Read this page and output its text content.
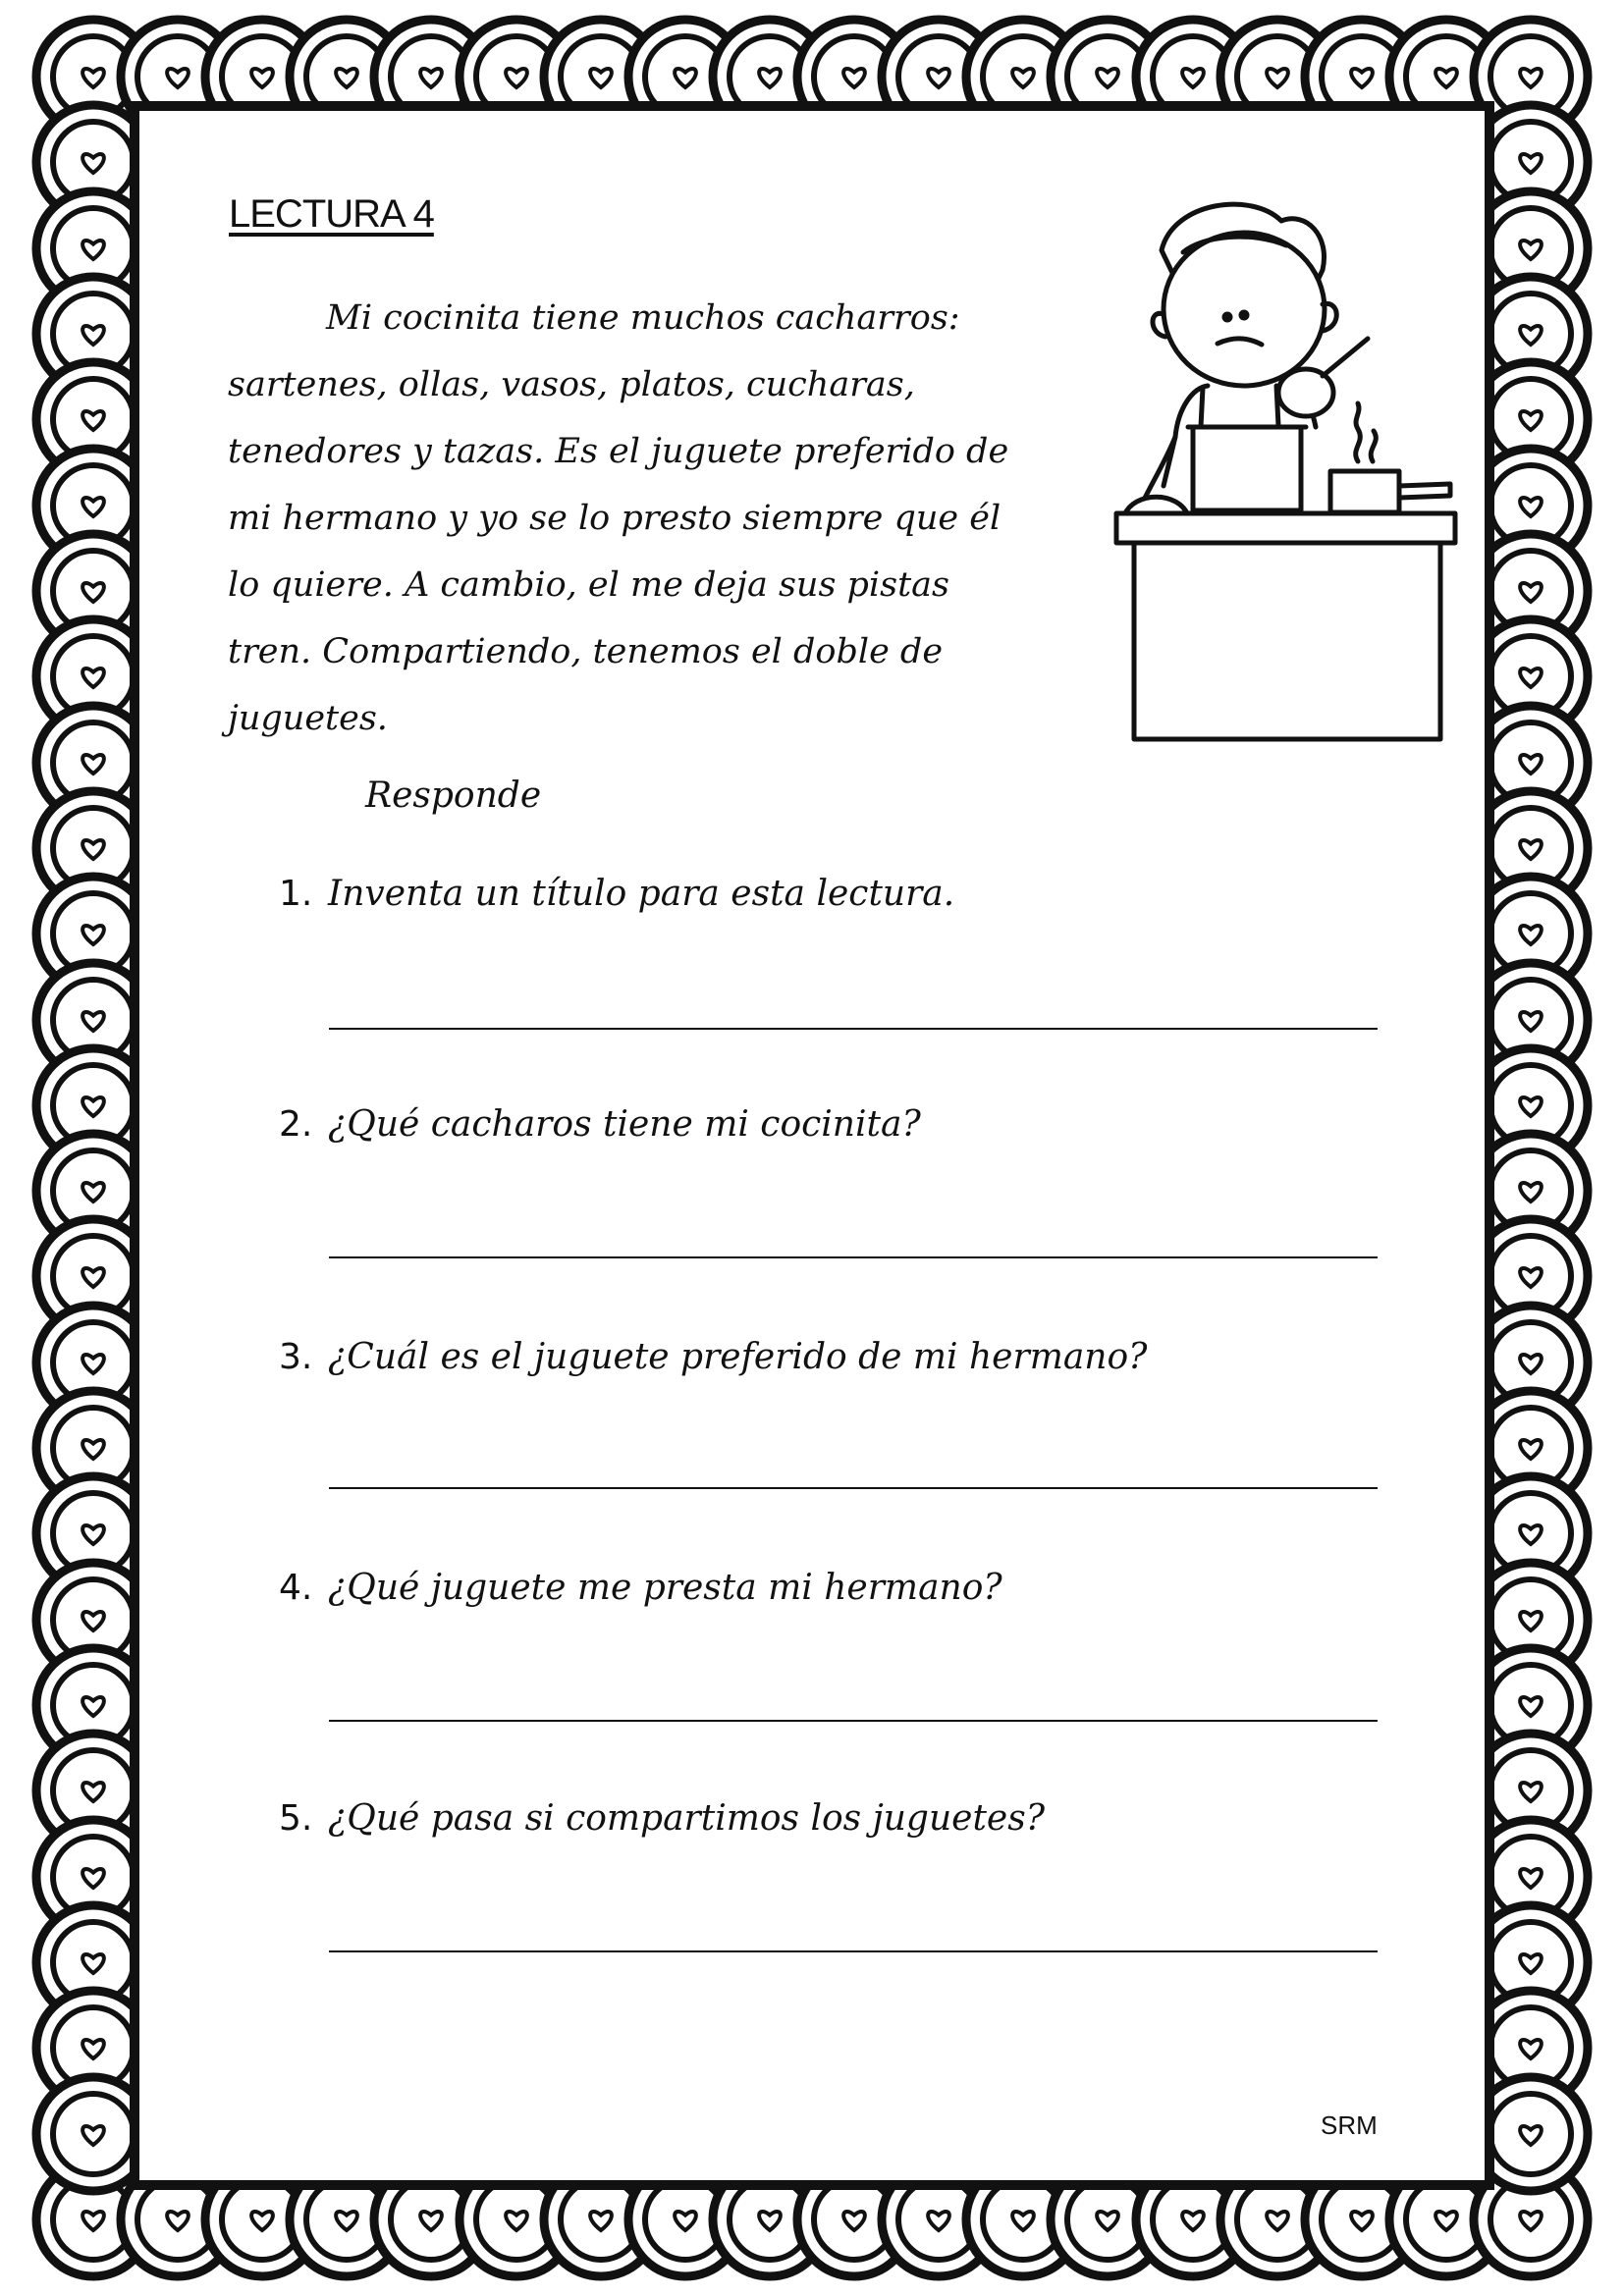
LECTURA 4

Mi cocinita tiene muchos cacharros:
sartenes, ollas, vasos, platos, cucharas,
tenedores y tazas. Es el juguete preferido de
mi hermano y yo se lo presto siempre que él
lo quiere. A cambio, el me deja sus pistas
tren. Compartiendo, tenemos el doble de
juguetes.

Responde
1. Inventa un título para esta lectura.
2. ¿Qué cacharos tiene mi cocinita?
3. ¿Cuál es el juguete preferido de mi hermano?
4. ¿Qué juguete me presta mi hermano?
5. ¿Qué pasa si compartimos los juguetes?
SRM
